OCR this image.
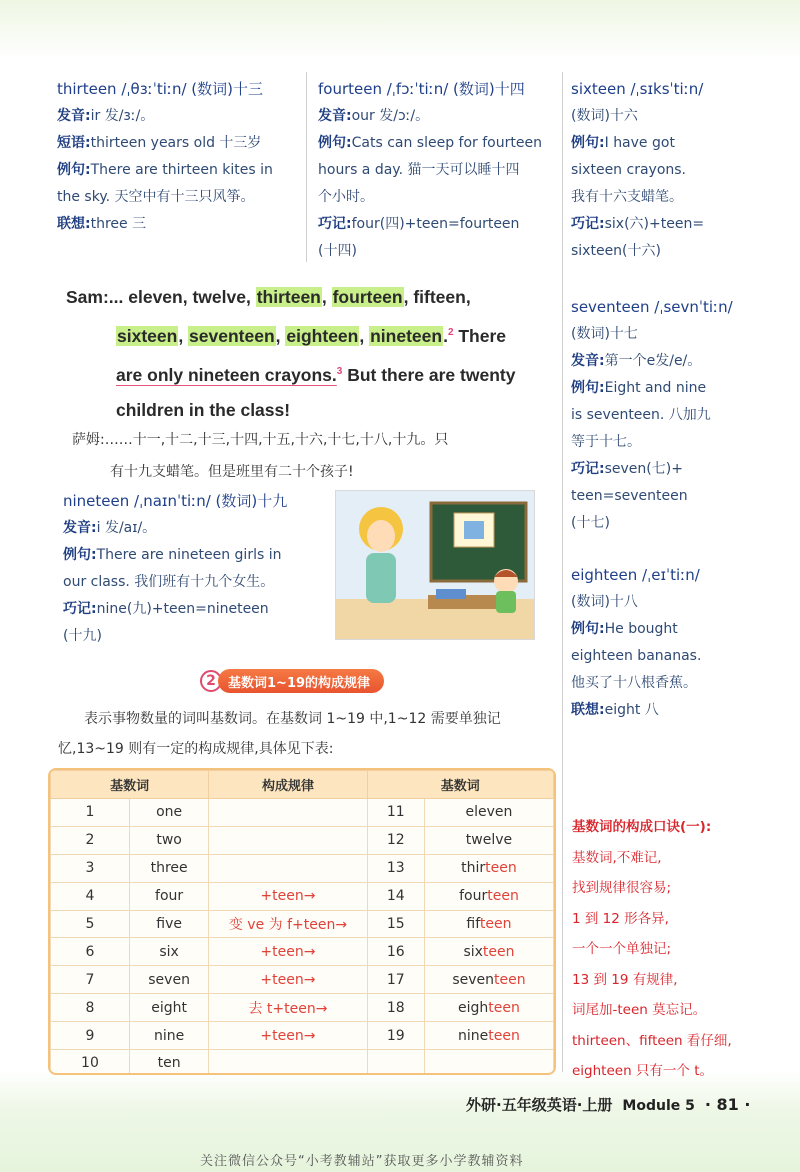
thirteen /ˌθɜːˈtiːn/ (数词)十三

发音:ir 发/ɜː/。

短语:thirteen years old 十三岁

例句:There are thirteen kites in

the sky. 天空中有十三只风筝。

联想:three 三

fourteen /ˌfɔːˈtiːn/ (数词)十四

发音:our 发/ɔː/。

例句:Cats can sleep for fourteen

hours a day. 猫一天可以睡十四

个小时。

巧记:four(四)+teen=fourteen

(十四)

sixteen /ˌsɪksˈtiːn/

(数词)十六

例句:I have got

sixteen crayons.

我有十六支蜡笔。

巧记:six(六)+teen=

sixteen(十六)

seventeen /ˌsevnˈtiːn/

(数词)十七

发音:第一个e发/e/。

例句:Eight and nine

is seventeen. 八加九

等于十七。

巧记:seven(七)+

teen=seventeen

(十七)

eighteen /ˌeɪˈtiːn/

(数词)十八

例句:He bought

eighteen bananas.

他买了十八根香蕉。

联想:eight 八

Sam:... eleven, twelve, thirteen, fourteen, fifteen,
sixteen, seventeen, eighteen, nineteen.$^2$ There
are only nineteen crayons.$^3$ But there are twenty
children in the class!

萨姆:……十一,十二,十三,十四,十五,十六,十七,十八,十九。只

有十九支蜡笔。但是班里有二十个孩子!

nineteen /ˌnaɪnˈtiːn/ (数词)十九

发音:i 发/aɪ/。

例句:There are nineteen girls in

our class. 我们班有十九个女生。

巧记:nine(九)+teen=nineteen

(十九)

2 基数词1~19的构成规律

表示事物数量的词叫基数词。在基数词 1~19 中,1~12 需要单独记

忆,13~19 则有一定的构成规律,具体见下表:

基数词		构成规律	基数词	
1	one		11	eleven
2	two		12	twelve
3	three		13	thirteen
4	four	+teen→	14	fourteen
5	five	变 ve 为 f+teen→	15	fifteen
6	six	+teen→	16	sixteen
7	seven	+teen→	17	seventeen
8	eight	去 t+teen→	18	eighteen
9	nine	+teen→	19	nineteen
10	ten			

基数词的构成口诀(一):

基数词,不难记,

找到规律很容易;

1 到 12 形各异,

一个一个单独记;

13 到 19 有规律,

词尾加-teen 莫忘记。

thirteen、fifteen 看仔细,

eighteen 只有一个 t。

外研·五年级英语·上册 Module 5 · 81 ·
关注微信公众号“小考教辅站”获取更多小学教辅资料
